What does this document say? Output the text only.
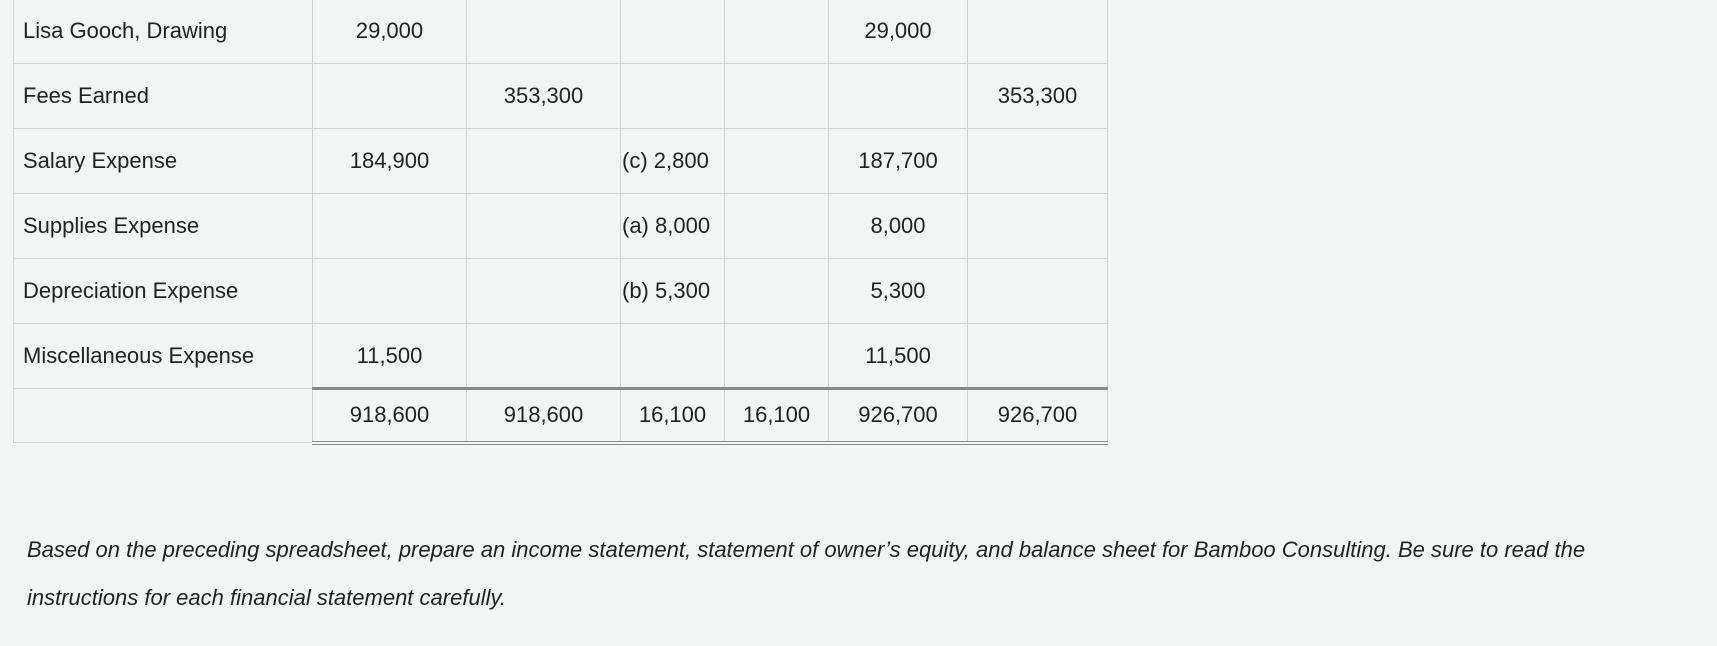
Lisa Gooch, Drawing	29,000				29,000	
Fees Earned		353,300				353,300
Salary Expense	184,900		(c) 2,800		187,700	
Supplies Expense			(a) 8,000		8,000	
Depreciation Expense			(b) 5,300		5,300	
Miscellaneous Expense	11,500				11,500	
	918,600	918,600	16,100	16,100	926,700	926,700

Based on the preceding spreadsheet, prepare an income statement, statement of owner’s equity, and balance sheet for Bamboo Consulting. Be sure to read the instructions for each financial statement carefully.
